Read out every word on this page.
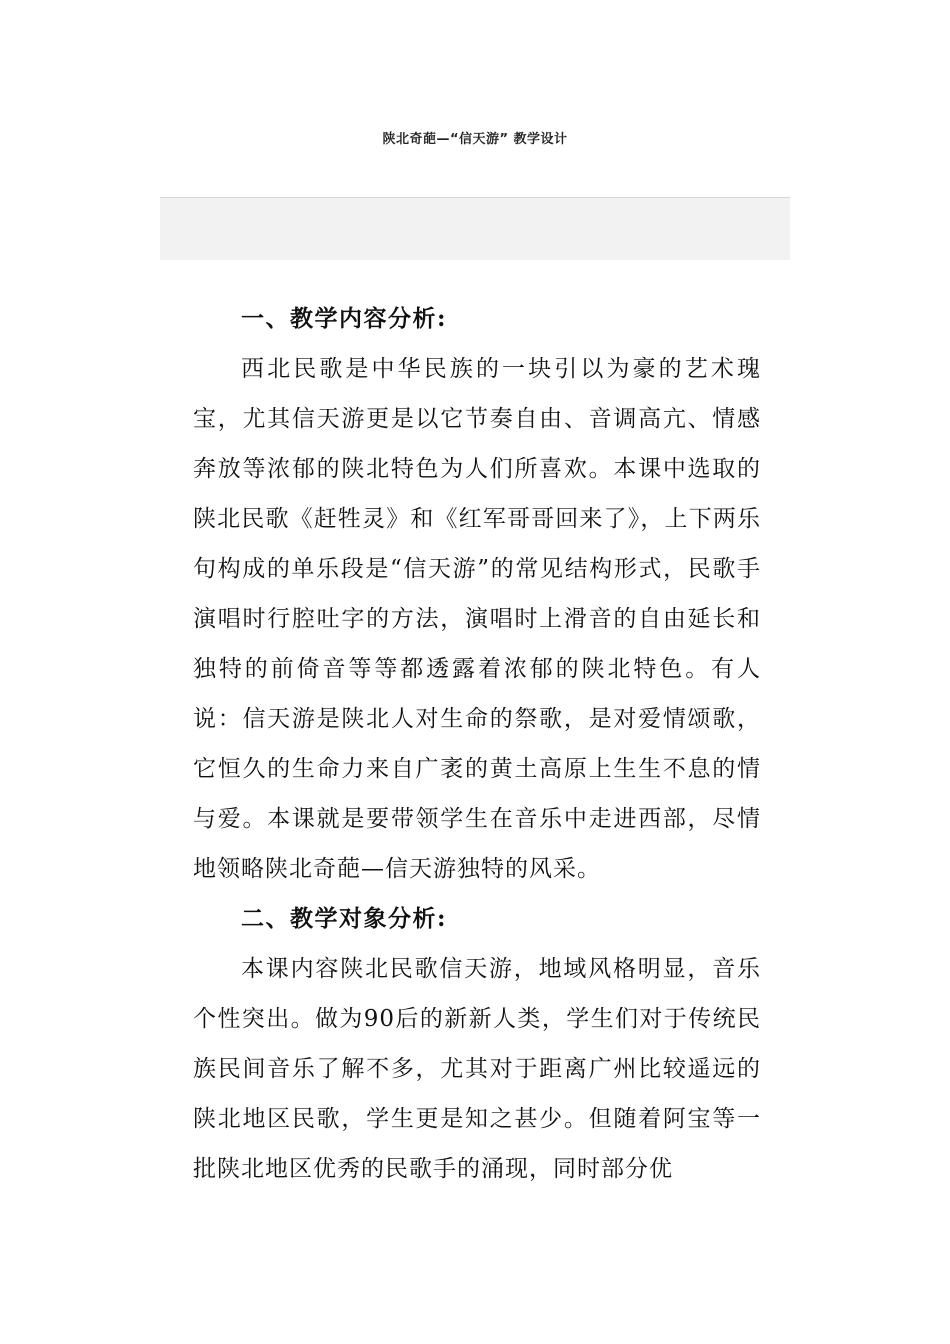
陕北奇葩—“信天游” 教学设计
一、教学内容分析:

西北民歌是中华民族的一块引以为豪的艺术瑰宝，尤其信天游更是以它节奏自由、音调高亢、情感奔放等浓郁的陕北特色为人们所喜欢。本课中选取的陕北民歌《赶牲灵》和《红军哥哥回来了》，上下两乐句构成的单乐段是“信天游”的常见结构形式，民歌手演唱时行腔吐字的方法，演唱时上滑音的自由延长和独特的前倚音等等都透露着浓郁的陕北特色。有人说：信天游是陕北人对生命的祭歌，是对爱情颂歌，它恒久的生命力来自广袤的黄土高原上生生不息的情与爱。本课就是要带领学生在音乐中走进西部，尽情地领略陕北奇葩—信天游独特的风采。

二、教学对象分析:

本课内容陕北民歌信天游，地域风格明显，音乐个性突出。做为90后的新新人类，学生们对于传统民族民间音乐了解不多，尤其对于距离广州比较遥远的陕北地区民歌，学生更是知之甚少。但随着阿宝等一批陕北地区优秀的民歌手的涌现，同时部分优
